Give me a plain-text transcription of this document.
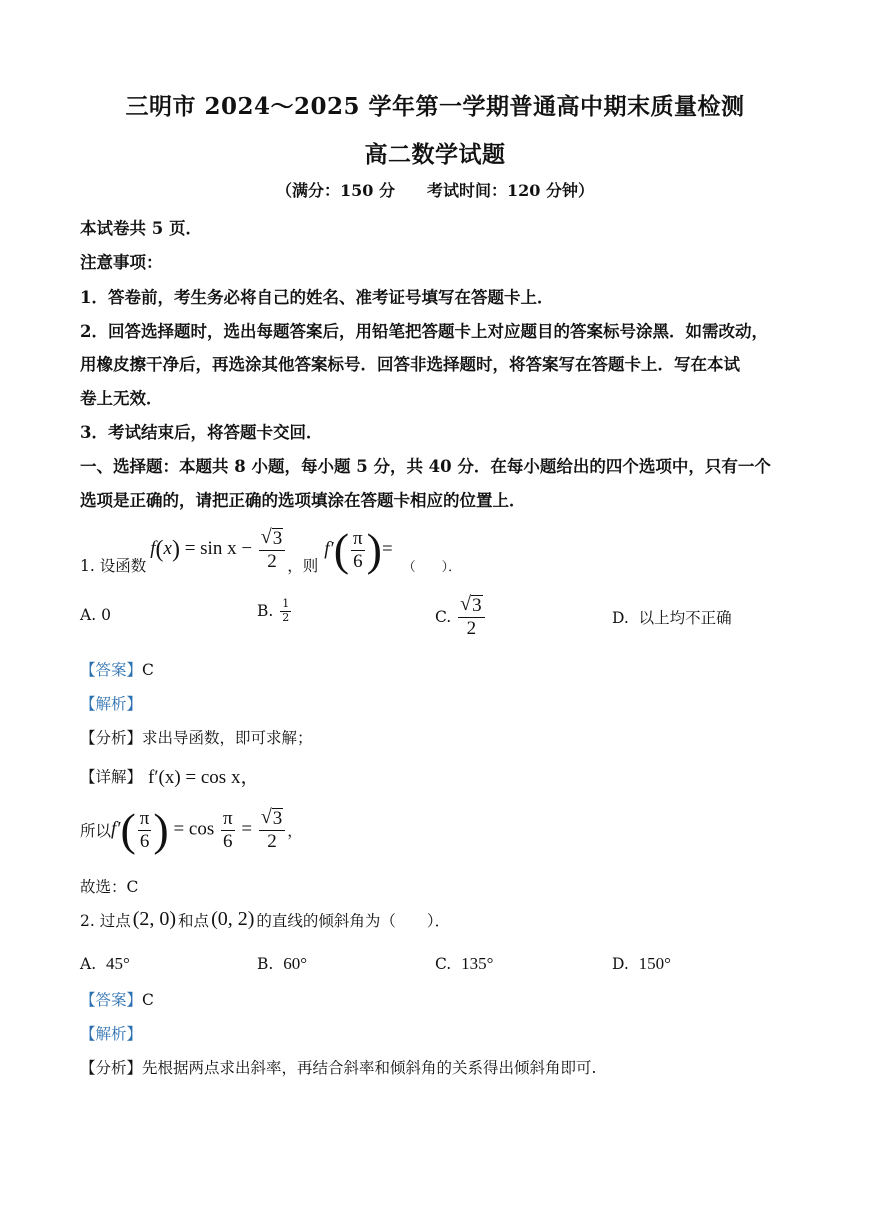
三明市 2024～2025 学年第一学期普通高中期末质量检测
高二数学试题
（满分：150 分　　考试时间：120 分钟）
本试卷共 5 页．
注意事项：
1．答卷前，考生务必将自己的姓名、准考证号填写在答题卡上．
2．回答选择题时，选出每题答案后，用铅笔把答题卡上对应题目的答案标号涂黑．如需改动，
用橡皮擦干净后，再选涂其他答案标号．回答非选择题时，将答案写在答题卡上．写在本试
卷上无效．
3．考试结束后，将答题卡交回．
一、选择题：本题共 8 小题，每小题 5 分，共 40 分．在每小题给出的四个选项中，只有一个
选项是正确的，请把正确的选项填涂在答题卡相应的位置上．
1. 设函数
$f(x) = \sin x - \frac{√ 3}{2}$ ，则
$f'( \frac{\pi}{6}$ )=
（　　）．
A. 0	B.
$\frac{1}{2}$	C.
$\frac{√ 3}{2}$	D. 以上均不正确
【答案】C
【解析】
【分析】求出导函数，即可求解；
【详解】 f′(x) = cos x，
所以 $f'( \frac{\pi}{6}$ ) = $\cos \frac{\pi}{6} = \frac{√ 3}{2}$ ，
故选：C
2. 过点 (2, 0) 和点 (0, 2) 的直线的倾斜角为（　　）．
A. 45°	B. 60°	C. 135°	D. 150°
【答案】C
【解析】
【分析】先根据两点求出斜率，再结合斜率和倾斜角的关系得出倾斜角即可.
